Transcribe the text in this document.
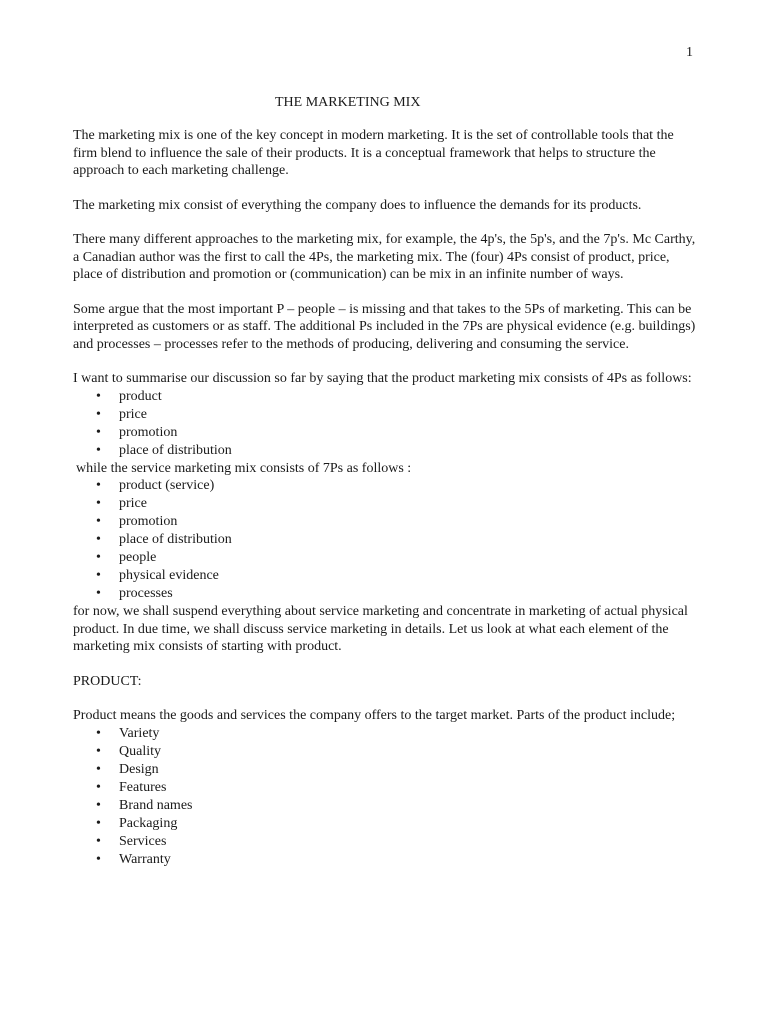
1
THE MARKETING MIX

The marketing mix is one of the key concept in modern marketing. It is the set of controllable tools that the firm blend to influence the sale of their products. It is a conceptual framework that helps to structure the approach to each marketing challenge.

The marketing mix consist of everything the company does to influence the demands for its products.

There many different approaches to the marketing mix, for example, the 4p's, the 5p's, and the 7p's. Mc Carthy, a Canadian author was the first to call the 4Ps, the marketing mix. The (four) 4Ps consist of product, price, place of distribution and promotion or (communication) can be mix in an infinite number of ways.

Some argue that the most important P – people – is missing and that takes to the 5Ps of marketing. This can be interpreted as customers or as staff. The additional Ps included in the 7Ps are physical evidence (e.g. buildings) and processes – processes refer to the methods of producing, delivering and consuming the service.

I want to summarise our discussion so far by saying that the product marketing mix consists of 4Ps as follows:

• product
• price
• promotion
• place of distribution

while the service marketing mix consists of 7Ps as follows :

• product (service)
• price
• promotion
• place of distribution
• people
• physical evidence
• processes

for now, we shall suspend everything about service marketing and concentrate in marketing of actual physical product. In due time, we shall discuss service marketing in details. Let us look at what each element of the marketing mix consists of starting with product.

PRODUCT:

Product means the goods and services the company offers to the target market. Parts of the product include;

• Variety
• Quality
• Design
• Features
• Brand names
• Packaging
• Services
• Warranty
